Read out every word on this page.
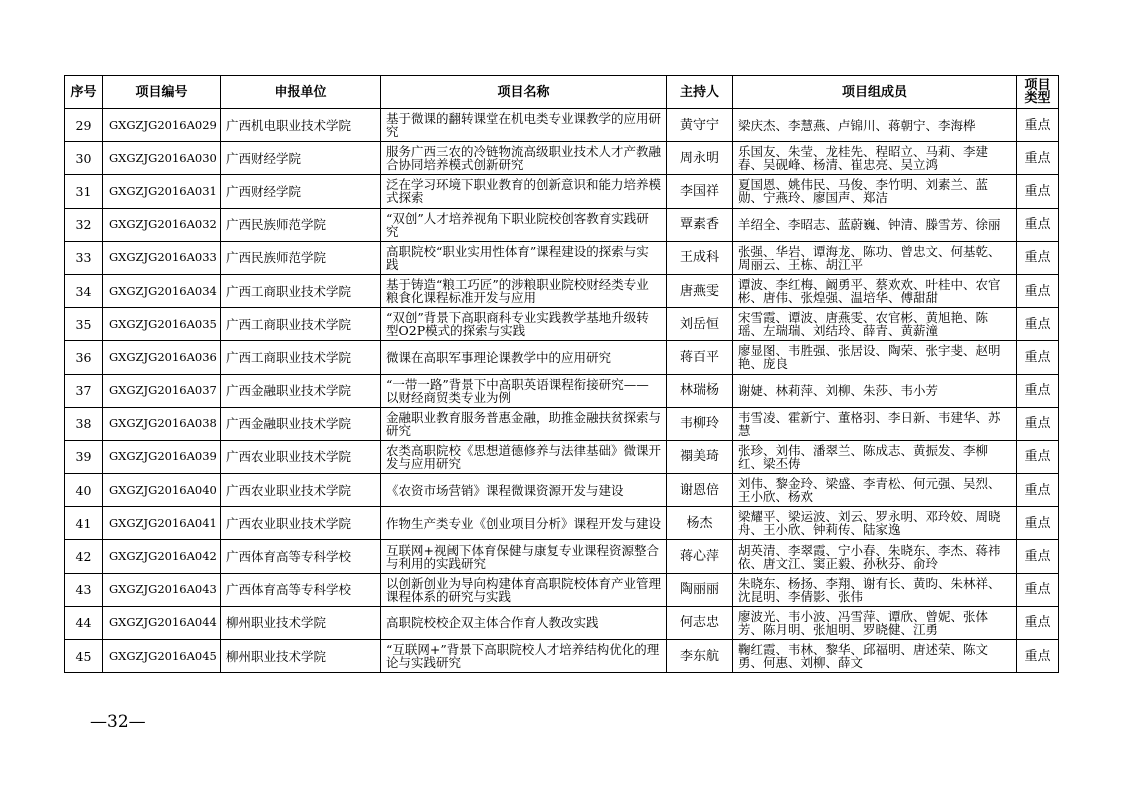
序号	项目编号	申报单位	项目名称	主持人	项目组成员	项目类型
29	GXGZJG2016A029	广西机电职业技术学院	基于微课的翻转课堂在机电类专业课教学的应用研究	黄守宁	梁庆杰、李慧燕、卢锦川、蒋朝宁、李海桦	重点
30	GXGZJG2016A030	广西财经学院	服务广西三农的冷链物流高级职业技术人才产教融合协同培养模式创新研究	周永明	乐国友、朱莹、龙桂先、程昭立、马莉、李建春、吴砚峰、杨清、崔忠亮、吴立鸿	重点
31	GXGZJG2016A031	广西财经学院	泛在学习环境下职业教育的创新意识和能力培养模式探索	李国祥	夏国恩、姚伟民、马俊、李竹明、刘素兰、蓝勋、宁燕玲、廖国声、郑洁	重点
32	GXGZJG2016A032	广西民族师范学院	“双创”人才培养视角下职业院校创客教育实践研究	覃素香	羊绍全、李昭志、蓝蔚巍、钟清、滕雪芳、徐丽	重点
33	GXGZJG2016A033	广西民族师范学院	高职院校“职业实用性体育”课程建设的探索与实践	王成科	张强、华岩、谭海龙、陈功、曾忠文、何基乾、周丽云、王栋、胡江平	重点
34	GXGZJG2016A034	广西工商职业技术学院	基于铸造“粮工巧匠”的涉粮职业院校财经类专业粮食化课程标准开发与应用	唐燕雯	谭波、李红梅、阚勇平、蔡欢欢、叶桂中、农官彬、唐伟、张煌强、温培华、傅甜甜	重点
35	GXGZJG2016A035	广西工商职业技术学院	“双创”背景下高职商科专业实践教学基地升级转型O2P模式的探索与实践	刘岳恒	宋雪霞、谭波、唐燕雯、农官彬、黄旭艳、陈瑶、左瑞瑞、刘结玲、薛青、黄薪潼	重点
36	GXGZJG2016A036	广西工商职业技术学院	微课在高职军事理论课教学中的应用研究	蒋百平	廖显图、韦胜强、张居设、陶荣、张宇斐、赵明艳、庞良	重点
37	GXGZJG2016A037	广西金融职业技术学院	“一带一路”背景下中高职英语课程衔接研究——以财经商贸类专业为例	林瑞杨	谢婕、林莉萍、刘柳、朱莎、韦小芳	重点
38	GXGZJG2016A038	广西金融职业技术学院	金融职业教育服务普惠金融，助推金融扶贫探索与研究	韦柳玲	韦雪凌、霍新宁、董格羽、李日新、韦建华、苏慧	重点
39	GXGZJG2016A039	广西农业职业技术学院	农类高职院校《思想道德修养与法律基础》微课开发与应用研究	禤美琦	张珍、刘伟、潘翠兰、陈成志、黄振发、李柳红、梁丕俦	重点
40	GXGZJG2016A040	广西农业职业技术学院	《农资市场营销》课程微课资源开发与建设	谢恩倍	刘伟、黎金玲、梁盛、李青松、何元强、吴烈、王小欣、杨欢	重点
41	GXGZJG2016A041	广西农业职业技术学院	作物生产类专业《创业项目分析》课程开发与建设	杨杰	梁耀平、梁运波、刘云、罗永明、邓玲姣、周晓舟、王小欣、钟莉传、陆家逸	重点
42	GXGZJG2016A042	广西体育高等专科学校	互联网+视阈下体育保健与康复专业课程资源整合与利用的实践研究	蒋心萍	胡英清、李翠霞、宁小春、朱晓东、李杰、蒋祎依、唐文江、窦正毅、孙秋芬、俞玲	重点
43	GXGZJG2016A043	广西体育高等专科学校	以创新创业为导向构建体育高职院校体育产业管理课程体系的研究与实践	陶丽丽	朱晓东、杨扬、李翔、谢有长、黄昀、朱林祥、沈昆明、李倩影、张伟	重点
44	GXGZJG2016A044	柳州职业技术学院	高职院校校企双主体合作育人教改实践	何志忠	廖波光、韦小波、冯雪萍、谭欣、曾妮、张体芳、陈月明、张旭明、罗晓健、江勇	重点
45	GXGZJG2016A045	柳州职业技术学院	“互联网+”背景下高职院校人才培养结构优化的理论与实践研究	李东航	鞠红霞、韦林、黎华、邱福明、唐述荣、陈文勇、何惠、刘柳、薛文	重点
—32—
